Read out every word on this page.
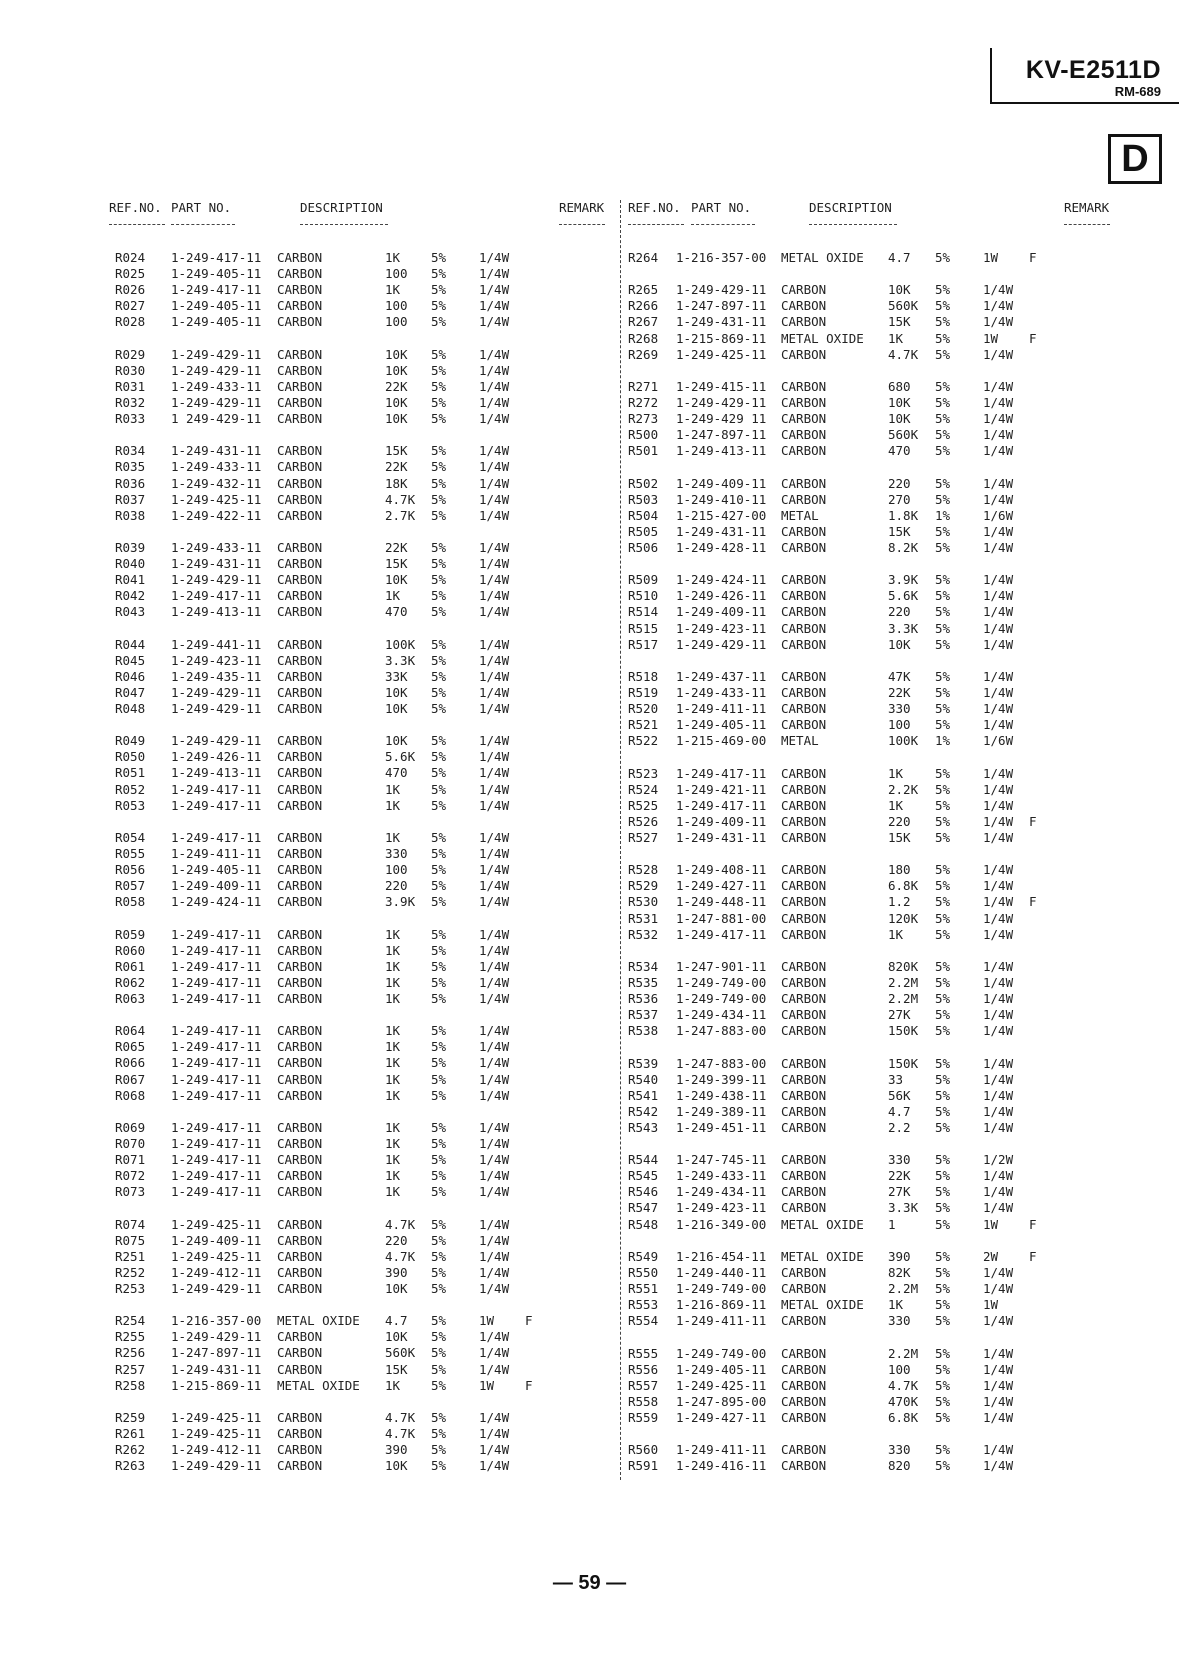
KV-E2511D
RM-689
D
REF.NO. PART NO.	DESCRIPTION	REMARK
R024 1-249-417-11 CARBON	1K 5%	1/4W
R025 1-249-405-11 CARBON	100 5%	1/4W
R026 1-249-417-11 CARBON	1K 5%	1/4W
R027 1-249-405-11 CARBON	100 5%	1/4W
R028 1-249-405-11 CARBON	100 5%	1/4W
R029 1-249-429-11 CARBON	10K 5%	1/4W
R030 1-249-429-11 CARBON	10K 5%	1/4W
R031 1-249-433-11 CARBON	22K 5%	1/4W
R032 1-249-429-11 CARBON	10K 5%	1/4W
R033 1 249-429-11 CARBON	10K 5%	1/4W
R034 1-249-431-11 CARBON	15K 5%	1/4W
R035 1-249-433-11 CARBON	22K 5%	1/4W
R036 1-249-432-11 CARBON	18K 5%	1/4W
R037 1-249-425-11 CARBON	4.7K 5%	1/4W
R038 1-249-422-11 CARBON	2.7K 5%	1/4W
R039 1-249-433-11 CARBON	22K 5%	1/4W
R040 1-249-431-11 CARBON	15K 5%	1/4W
R041 1-249-429-11 CARBON	10K 5%	1/4W
R042 1-249-417-11 CARBON	1K 5%	1/4W
R043 1-249-413-11 CARBON	470 5%	1/4W
R044 1-249-441-11 CARBON	100K 5%	1/4W
R045 1-249-423-11 CARBON	3.3K 5%	1/4W
R046 1-249-435-11 CARBON	33K 5%	1/4W
R047 1-249-429-11 CARBON	10K 5%	1/4W
R048 1-249-429-11 CARBON	10K 5%	1/4W
R049 1-249-429-11 CARBON	10K 5%	1/4W
R050 1-249-426-11 CARBON	5.6K 5%	1/4W
R051 1-249-413-11 CARBON	470 5%	1/4W
R052 1-249-417-11 CARBON	1K 5%	1/4W
R053 1-249-417-11 CARBON	1K 5%	1/4W
R054 1-249-417-11 CARBON	1K 5%	1/4W
R055 1-249-411-11 CARBON	330 5%	1/4W
R056 1-249-405-11 CARBON	100 5%	1/4W
R057 1-249-409-11 CARBON	220 5%	1/4W
R058 1-249-424-11 CARBON	3.9K 5%	1/4W
R059 1-249-417-11 CARBON	1K 5%	1/4W
R060 1-249-417-11 CARBON	1K 5%	1/4W
R061 1-249-417-11 CARBON	1K 5%	1/4W
R062 1-249-417-11 CARBON	1K 5%	1/4W
R063 1-249-417-11 CARBON	1K 5%	1/4W
R064 1-249-417-11 CARBON	1K 5%	1/4W
R065 1-249-417-11 CARBON	1K 5%	1/4W
R066 1-249-417-11 CARBON	1K 5%	1/4W
R067 1-249-417-11 CARBON	1K 5%	1/4W
R068 1-249-417-11 CARBON	1K 5%	1/4W
R069 1-249-417-11 CARBON	1K 5%	1/4W
R070 1-249-417-11 CARBON	1K 5%	1/4W
R071 1-249-417-11 CARBON	1K 5%	1/4W
R072 1-249-417-11 CARBON	1K 5%	1/4W
R073 1-249-417-11 CARBON	1K 5%	1/4W
R074 1-249-425-11 CARBON	4.7K 5%	1/4W
R075 1-249-409-11 CARBON	220 5%	1/4W
R251 1-249-425-11 CARBON	4.7K 5%	1/4W
R252 1-249-412-11 CARBON	390 5%	1/4W
R253 1-249-429-11 CARBON	10K 5%	1/4W
R254 1-216-357-00 METAL OXIDE 4.7 5%	1W F
R255 1-249-429-11 CARBON	10K 5%	1/4W
R256 1-247-897-11 CARBON	560K 5%	1/4W
R257 1-249-431-11 CARBON	15K 5%	1/4W
R258 1-215-869-11 METAL OXIDE 1K 5%	1W F
R259 1-249-425-11 CARBON	4.7K 5%	1/4W
R261 1-249-425-11 CARBON	4.7K 5%	1/4W
R262 1-249-412-11 CARBON	390 5%	1/4W
R263 1-249-429-11 CARBON	10K 5%	1/4W
REF.NO. PART NO.	DESCRIPTION	REMARK
R264 1-216-357-00 METAL OXIDE 4.7 5%	1W F
R265 1-249-429-11 CARBON	10K 5%	1/4W
R266 1-247-897-11 CARBON	560K 5%	1/4W
R267 1-249-431-11 CARBON	15K 5%	1/4W
R268 1-215-869-11 METAL OXIDE 1K	5%	1W F
R269 1-249-425-11 CARBON	4.7K 5%	1/4W
R271 1-249-415-11 CARBON	680 5%	1/4W
R272 1-249-429-11 CARBON	10K 5%	1/4W
R273 1-249-429 11 CARBON	10K 5%	1/4W
R500 1-247-897-11 CARBON	560K 5%	1/4W
R501 1-249-413-11 CARBON	470 5%	1/4W
R502 1-249-409-11 CARBON	220 5%	1/4W
R503 1-249-410-11 CARBON	270 5%	1/4W
R504 1-215-427-00 METAL	1.8K 1%	1/6W
R505 1-249-431-11 CARBON	15K 5%	1/4W
R506 1-249-428-11 CARBON	8.2K 5%	1/4W
R509 1-249-424-11 CARBON	3.9K 5%	1/4W
R510 1-249-426-11 CARBON	5.6K 5%	1/4W
R514 1-249-409-11 CARBON	220 5%	1/4W
R515 1-249-423-11 CARBON	3.3K 5%	1/4W
R517 1-249-429-11 CARBON	10K 5%	1/4W
R518 1-249-437-11 CARBON	47K 5%	1/4W
R519 1-249-433-11 CARBON	22K 5%	1/4W
R520 1-249-411-11 CARBON	330 5%	1/4W
R521 1-249-405-11 CARBON	100 5%	1/4W
R522 1-215-469-00 METAL	100K 1%	1/6W
R523 1-249-417-11 CARBON	1K	5%	1/4W
R524 1-249-421-11 CARBON	2.2K 5%	1/4W
R525 1-249-417-11 CARBON	1K	5%	1/4W
R526 1-249-409-11 CARBON	220 5%	1/4W F
R527 1-249-431-11 CARBON	15K 5%	1/4W
R528 1-249-408-11 CARBON	180 5%	1/4W
R529 1-249-427-11 CARBON	6.8K 5%	1/4W
R530 1-249-448-11 CARBON	1.2 5%	1/4W F
R531 1-247-881-00 CARBON	120K 5%	1/4W
R532 1-249-417-11 CARBON	1K	5%	1/4W
R534 1-247-901-11 CARBON	820K 5%	1/4W
R535 1-249-749-00 CARBON	2.2M 5%	1/4W
R536 1-249-749-00 CARBON	2.2M 5%	1/4W
R537 1-249-434-11 CARBON	27K 5%	1/4W
R538 1-247-883-00 CARBON	150K 5%	1/4W
R539 1-247-883-00 CARBON	150K 5%	1/4W
R540 1-249-399-11 CARBON	33	5%	1/4W
R541 1-249-438-11 CARBON	56K 5%	1/4W
R542 1-249-389-11 CARBON	4.7 5%	1/4W
R543 1-249-451-11 CARBON	2.2 5%	1/4W
R544 1-247-745-11 CARBON	330 5%	1/2W
R545 1-249-433-11 CARBON	22K 5%	1/4W
R546 1-249-434-11 CARBON	27K 5%	1/4W
R547 1-249-423-11 CARBON	3.3K 5%	1/4W
R548 1-216-349-00 METAL OXIDE 1	5%	1W F
R549 1-216-454-11 METAL OXIDE 390 5%	2W F
R550 1-249-440-11 CARBON	82K 5%	1/4W
R551 1-249-749-00 CARBON	2.2M 5%	1/4W
R553 1-216-869-11 METAL OXIDE 1K	5%	1W
R554 1-249-411-11 CARBON	330 5%	1/4W
R555 1-249-749-00 CARBON	2.2M 5%	1/4W
R556 1-249-405-11 CARBON	100 5%	1/4W
R557 1-249-425-11 CARBON	4.7K 5%	1/4W
R558 1-247-895-00 CARBON	470K 5%	1/4W
R559 1-249-427-11 CARBON	6.8K 5%	1/4W
R560 1-249-411-11 CARBON	330 5%	1/4W
R591 1-249-416-11 CARBON	820 5%	1/4W
— 59 —
